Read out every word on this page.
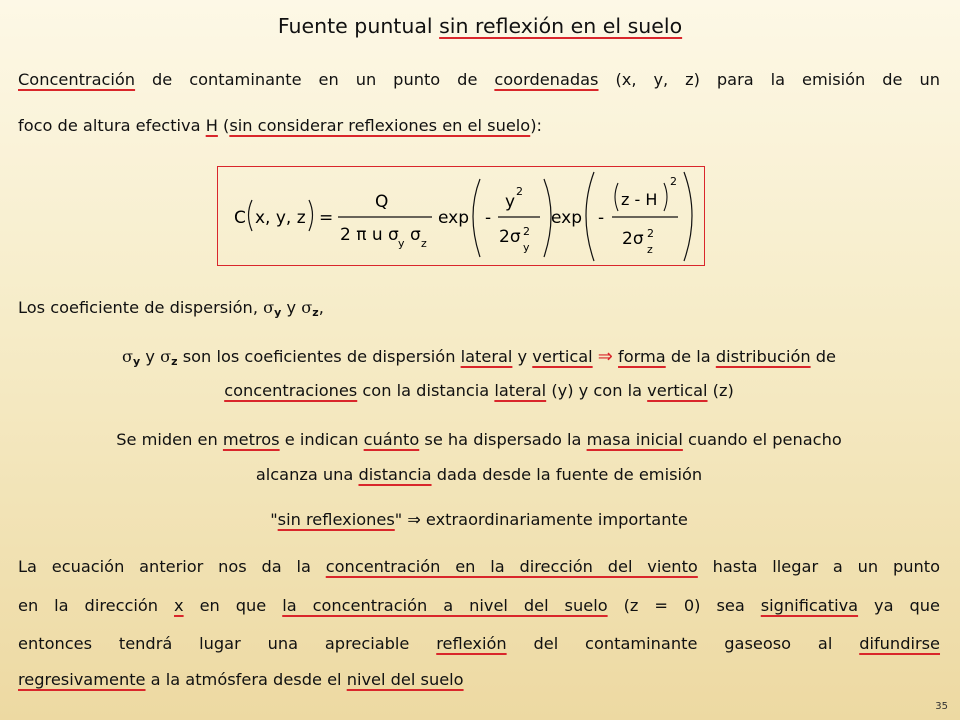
Fuente puntual sin reflexión en el suelo
Concentración de contaminante en un punto de coordenadas (x, y, z) para la emisión de un
foco de altura efectiva H (sin considerar reflexiones en el suelo):
C x, y, z =
Q
2 π u σ y σ z
exp -
y
2
2σ 2
y
exp -
z - H
2
2σ 2
z
Los coeficiente de dispersión, $\sigma_y$ y $\sigma_z$,
$\sigma_y$ y $\sigma_z$ son los coeficientes de dispersión lateral y vertical ⇒ forma de la distribución de
concentraciones con la distancia lateral (y) y con la vertical (z)
Se miden en metros e indican cuánto se ha dispersado la masa inicial cuando el penacho
alcanza una distancia dada desde la fuente de emisión
"sin reflexiones" ⇒ extraordinariamente importante
La ecuación anterior nos da la concentración en la dirección del viento hasta llegar a un punto
en la dirección x en que la concentración a nivel del suelo (z = 0) sea significativa ya que
entonces tendrá lugar una apreciable reflexión del contaminante gaseoso al difundirse
regresivamente a la atmósfera desde el nivel del suelo
35
